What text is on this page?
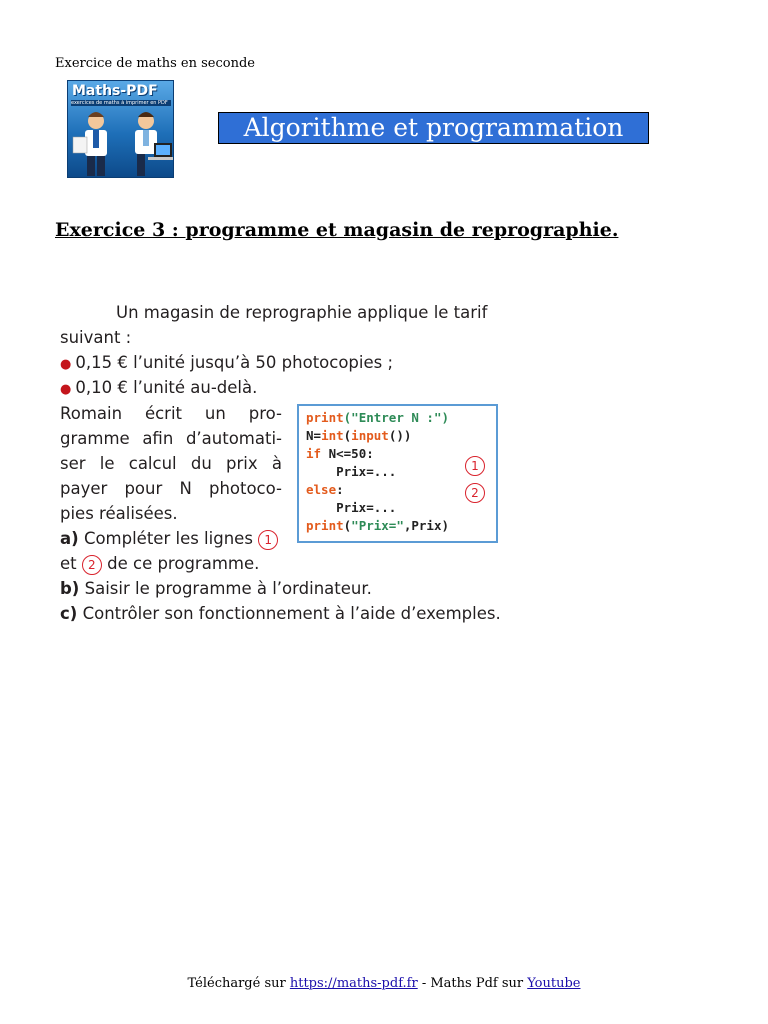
Exercice de maths en seconde
Maths-PDF
exercices de maths à imprimer en PDF
Algorithme et programmation
Exercice 3 : programme et magasin de reprographie.
Un magasin de reprographie applique le tarif
suivant :
● 0,15 € l’unité jusqu’à 50 photocopies ;
● 0,10 € l’unité au-delà.
Romain écrit un pro-
gramme afin d’automati-
ser le calcul du prix à
payer pour N photoco-
pies réalisées.
print("Entrer N :")
N=int(input())
if N<=50:
Prix=...
else:
Prix=...
print("Prix=",Prix)
1
2
a) Compléter les lignes 1
et 2 de ce programme.
b) Saisir le programme à l’ordinateur.
c) Contrôler son fonctionnement à l’aide d’exemples.
Téléchargé sur https://maths-pdf.fr - Maths Pdf sur Youtube
